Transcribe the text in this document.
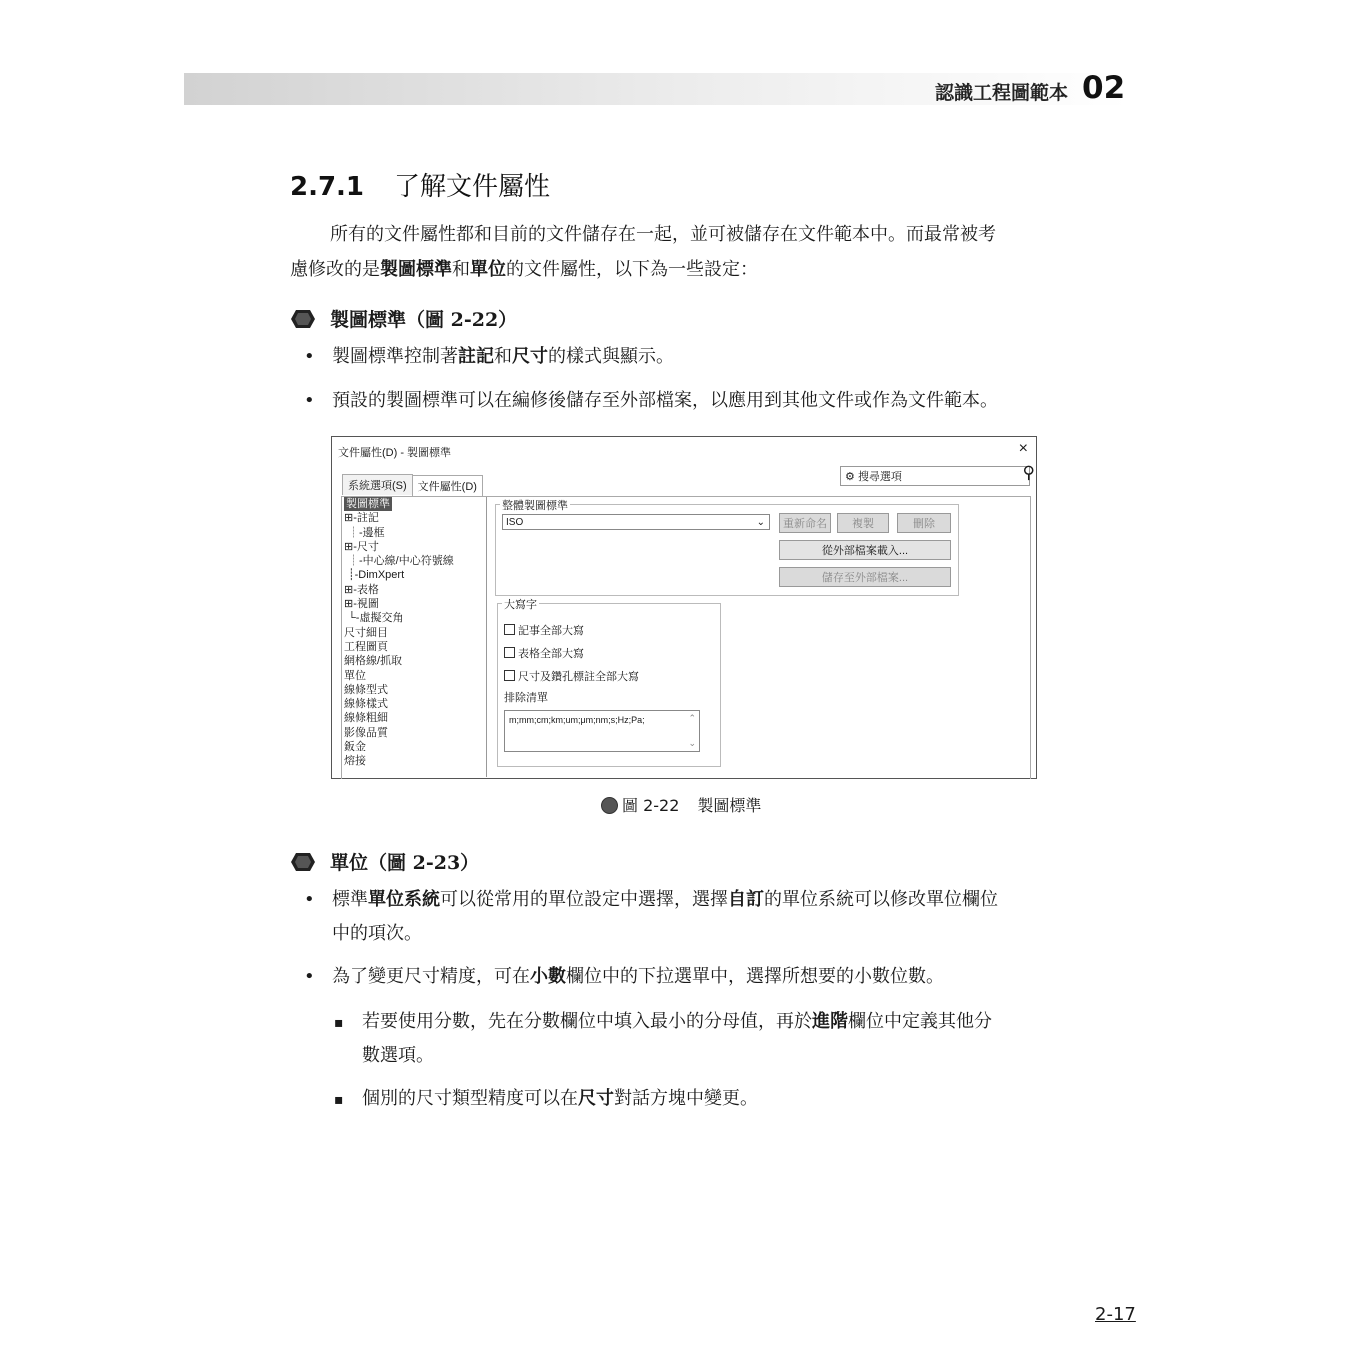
認識工程圖範本 02
2.7.1 了解文件屬性
所有的文件屬性都和目前的文件儲存在一起，並可被儲存在文件範本中。而最常被考
慮修改的是製圖標準和單位的文件屬性，以下為一些設定：
製圖標準（圖 2-22）
• 製圖標準控制著註記和尺寸的樣式與顯示。
• 預設的製圖標準可以在編修後儲存至外部檔案，以應用到其他文件或作為文件範本。
文件屬性(D) - 製圖標準	×
系統選項(S) 文件屬性(D)
⚙ 搜尋選項	⚲
製圖標準
⊞-註記
┊-邊框
⊞-尺寸
┊-中心線/中心符號線
┊-DimXpert
⊞-表格
⊞-視圖
└-虛擬交角
尺寸細目
工程圖頁
網格線/抓取
單位
線條型式
線條樣式
線條粗細
影像品質
鈑金
熔接
整體製圖標準
ISO	⌄	重新命名	複製	刪除
從外部檔案載入...
儲存至外部檔案...
大寫字
記事全部大寫
表格全部大寫
尺寸及鑽孔標註全部大寫
排除清單
m;mm;cm;km;um;μm;nm;s;Hz;Pa;	⌃
⌄
圖 2-22 製圖標準
單位（圖 2-23）
• 標準單位系統可以從常用的單位設定中選擇，選擇自訂的單位系統可以修改單位欄位
中的項次。
• 為了變更尺寸精度，可在小數欄位中的下拉選單中，選擇所想要的小數位數。
▪ 若要使用分數，先在分數欄位中填入最小的分母值，再於進階欄位中定義其他分
數選項。
▪ 個別的尺寸類型精度可以在尺寸對話方塊中變更。
2-17
